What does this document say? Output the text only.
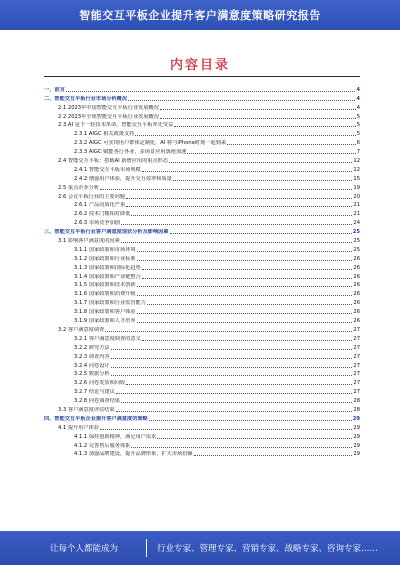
智能交互平板企业提升客户满意度策略研究报告
内容目录
一、前言	4
二、智能交互平板行业市场分析概况	4
2.1 2023年中国智能交互平板行业发展概况	4
2.2 2023年全球智能交互平板行业发展概况	5
2.3 AI 是下一轮技术革命，智能交互平板率先受益	5
2.3.1 AIGC 相关政策支持	5
2.3.2 AIGC 可实现用户群体定制化，AI 将与iPhone时刻一起到来	6
2.3.3 AIGC 赋能各行各业，多场景应用落地加速	7
2.4 智能交互平板：搭载AI 新增应用的重点形态	12
2.4.1 智能交互平板市场规模	12
2.4.2 增强用户体验，提升交互效率和质量	15
2.5 重点企业分析	19
2.6 会议平板行业的主要问题	20
2.6.1 产品同质化严重	21
2.6.2 技术门槛相对降低	21
2.6.3 市场竞争加剧	24
三、智能交互平板行业客户满意度现状分析及影响因素	25
3.1 影响客户满意度的因素	25
3.1.1 国家政策和市场环境	25
3.1.2 国家政策和行业标准	26
3.1.3 国家政策和国际化趋势	26
3.1.4 国家政策和产业链整合	26
3.1.5 国家政策和技术创新	26
3.1.6 国家政策和消费升级	26
3.1.7 国家政策和行业监管能力	26
3.1.8 国家政策和客户体验	26
3.1.9 国家政策和人才培养	26
3.2 客户满意度调查	27
3.2.1 客户满意度调查的意义	27
3.2.2 研究方法	27
3.2.3 调查内容	27
3.2.4 问卷设计	27
3.2.5 数据分析	27
3.2.6 问卷发放和回收	27
3.2.7 结论与建议	27
3.2.8 问卷调查结果	28
3.3 客户满意度评估结果	28
四、智能交互平板企业提升客户满意度的策略	29
4.1 提升用户体验	29
4.1.1 保持创新精神，满足用户需求	29
4.1.2 完善售后服务体系	29
4.1.3 加强品牌建设，提升品牌形象，扩大市场份额	29
让每个人都能成为	行业专家、管理专家、营销专家、战略专家、咨询专家……
